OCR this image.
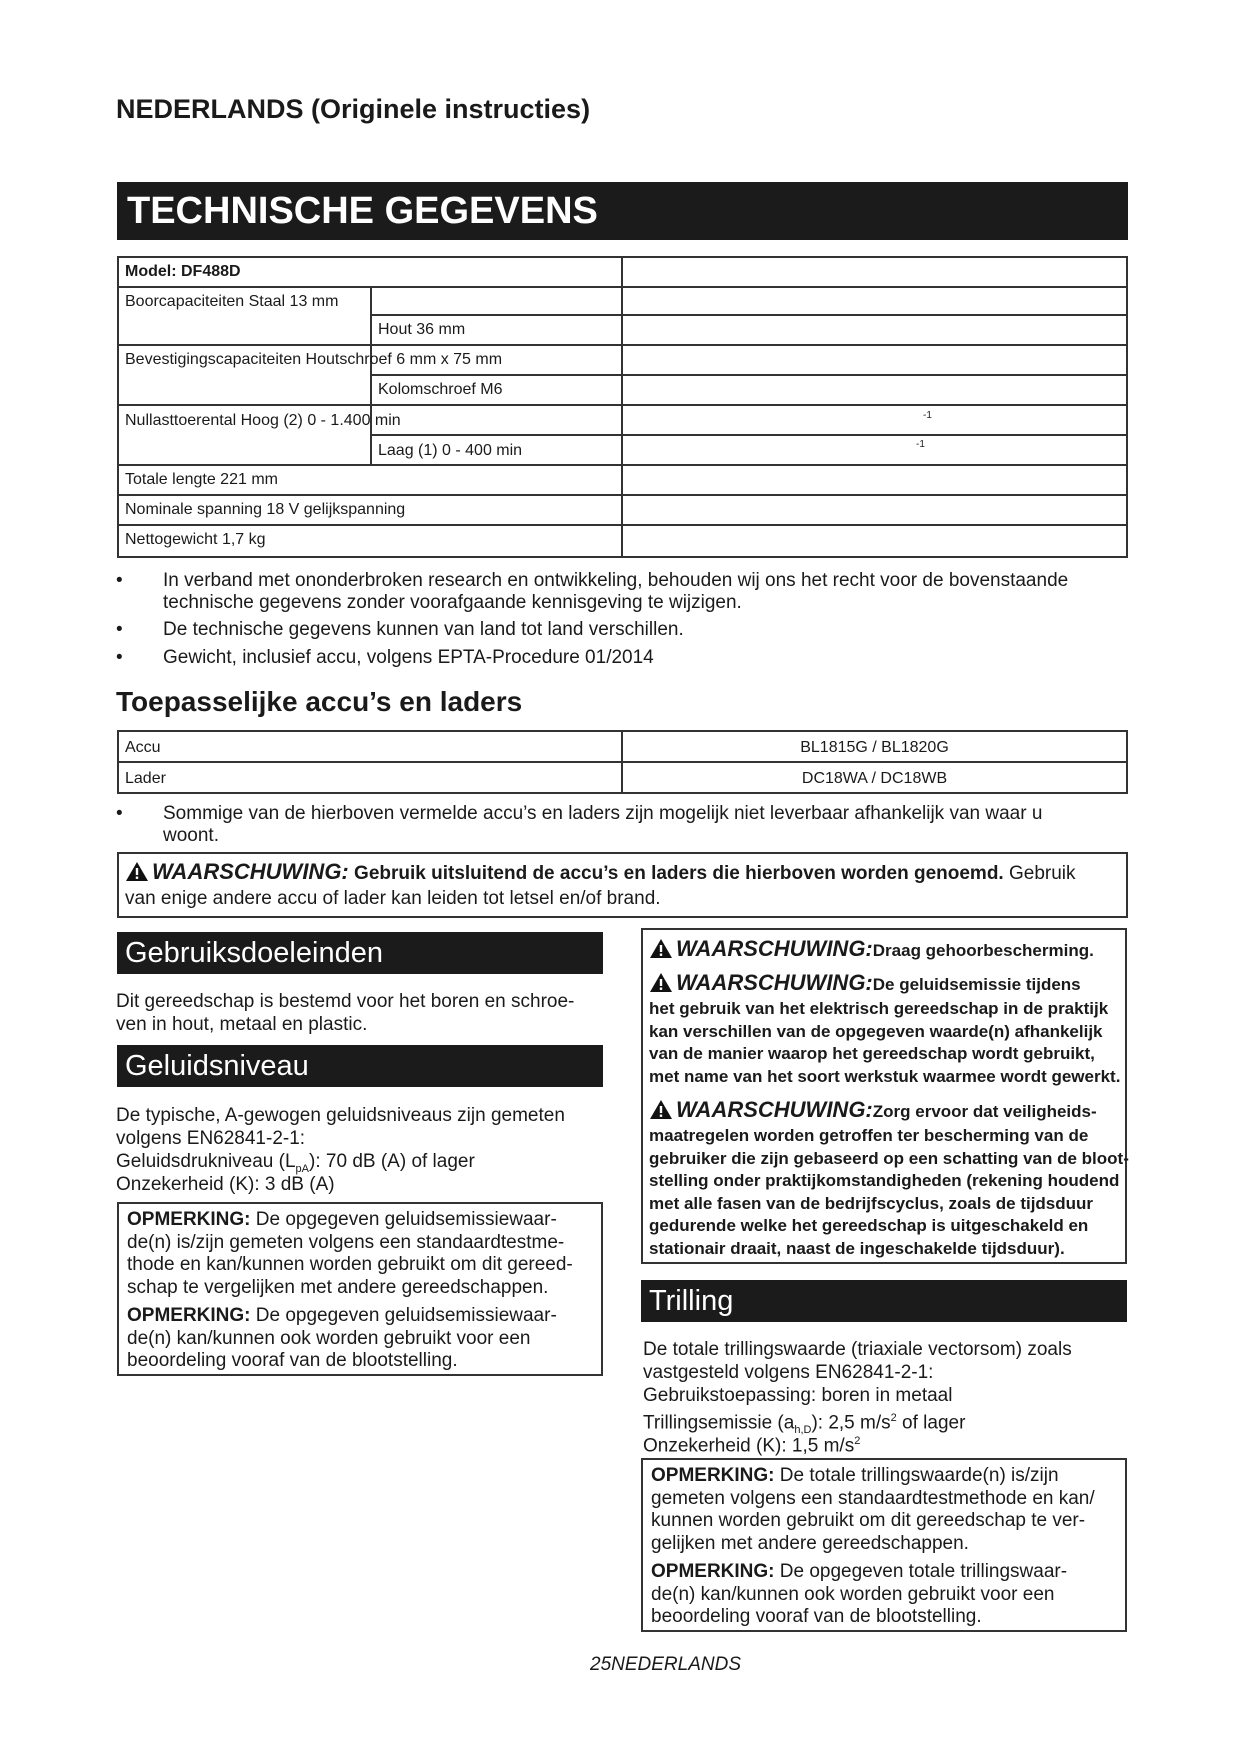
NEDERLANDS (Originele instructies)
TECHNISCHE GEGEVENS
Model: DF488D
Boorcapaciteiten Staal 13 mm
Hout 36 mm
Bevestigingscapaciteiten Houtschroef 6 mm x 75 mm
Kolomschroef M6
Nullasttoerental Hoog (2) 0 - 1.400 min	-1
Laag (1) 0 - 400 min	-1
Totale lengte 221 mm
Nominale spanning 18 V gelijkspanning
Nettogewicht 1,7 kg
• In verband met ononderbroken research en ontwikkeling, behouden wij ons het recht voor de bovenstaande
technische gegevens zonder voorafgaande kennisgeving te wijzigen.
• De technische gegevens kunnen van land tot land verschillen.
• Gewicht, inclusief accu, volgens EPTA-Procedure 01/2014
Toepasselijke accu’s en laders
Accu	BL1815G / BL1820G
Lader	DC18WA / DC18WB
• Sommige van de hierboven vermelde accu’s en laders zijn mogelijk niet leverbaar afhankelijk van waar u
woont.
WAARSCHUWING: Gebruik uitsluitend de accu’s en laders die hierboven worden genoemd. Gebruik
van enige andere accu of lader kan leiden tot letsel en/of brand.
Gebruiksdoeleinden
Dit gereedschap is bestemd voor het boren en schroe-
ven in hout, metaal en plastic.
Geluidsniveau
De typische, A-gewogen geluidsniveaus zijn gemeten
volgens EN62841-2-1:
Geluidsdrukniveau $(L_{pA})$: 70 dB (A) of lager
Onzekerheid (K): 3 dB (A)
OPMERKING: De opgegeven geluidsemissiewaar-
de(n) is/zijn gemeten volgens een standaardtestme-
thode en kan/kunnen worden gebruikt om dit gereed-
schap te vergelijken met andere gereedschappen.
OPMERKING: De opgegeven geluidsemissiewaar-
de(n) kan/kunnen ook worden gebruikt voor een
beoordeling vooraf van de blootstelling.
WAARSCHUWING:Draag gehoorbescherming.
WAARSCHUWING:De geluidsemissie tijdens
het gebruik van het elektrisch gereedschap in de praktijk
kan verschillen van de opgegeven waarde(n) afhankelijk
van de manier waarop het gereedschap wordt gebruikt,
met name van het soort werkstuk waarmee wordt gewerkt.
WAARSCHUWING:Zorg ervoor dat veiligheids-
maatregelen worden getroffen ter bescherming van de
gebruiker die zijn gebaseerd op een schatting van de bloot-
stelling onder praktijkomstandigheden (rekening houdend
met alle fasen van de bedrijfscyclus, zoals de tijdsduur
gedurende welke het gereedschap is uitgeschakeld en
stationair draait, naast de ingeschakelde tijdsduur).
Trilling
De totale trillingswaarde (triaxiale vectorsom) zoals
vastgesteld volgens EN62841-2-1:
Gebruikstoepassing: boren in metaal
Trillingsemissie $(a_{h,D})$: 2,5 $m/s^2$ of lager
Onzekerheid (K): 1,5 $m/s^2$
OPMERKING: De totale trillingswaarde(n) is/zijn
gemeten volgens een standaardtestmethode en kan/
kunnen worden gebruikt om dit gereedschap te ver-
gelijken met andere gereedschappen.
OPMERKING: De opgegeven totale trillingswaar-
de(n) kan/kunnen ook worden gebruikt voor een
beoordeling vooraf van de blootstelling.
25NEDERLANDS
